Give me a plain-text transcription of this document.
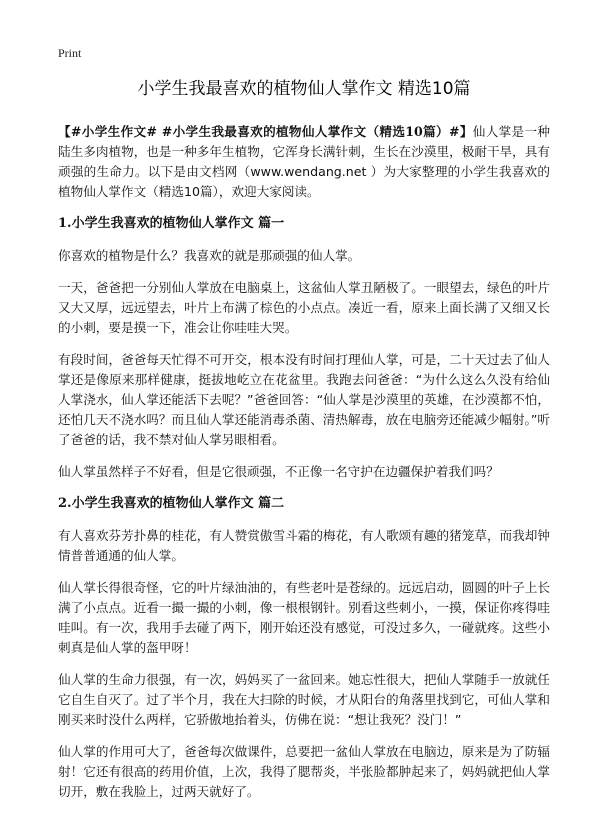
Print
小学生我最喜欢的植物仙人掌作文 精选10篇

【#小学生作文# #小学生我最喜欢的植物仙人掌作文（精选10篇）#】仙人掌是一种陆生多肉植物，也是一种多年生植物，它浑身长满针刺，生长在沙漠里，极耐干旱，具有顽强的生命力。以下是由文档网（www.wendang.net ）为大家整理的小学生我喜欢的植物仙人掌作文（精选10篇），欢迎大家阅读。

1.小学生我喜欢的植物仙人掌作文 篇一

你喜欢的植物是什么？我喜欢的就是那顽强的仙人掌。

一天，爸爸把一分别仙人掌放在电脑桌上，这盆仙人掌丑陋极了。一眼望去，绿色的叶片又大又厚，远远望去，叶片上布满了棕色的小点点。凑近一看，原来上面长满了又细又长的小刺，要是摸一下，准会让你哇哇大哭。

有段时间，爸爸每天忙得不可开交，根本没有时间打理仙人掌，可是，二十天过去了仙人掌还是像原来那样健康，挺拔地屹立在花盆里。我跑去问爸爸：“为什么这么久没有给仙人掌浇水，仙人掌还能活下去呢？”爸爸回答：“仙人掌是沙漠里的英雄，在沙漠都不怕，还怕几天不浇水吗？而且仙人掌还能消毒杀菌、清热解毒，放在电脑旁还能减少幅射。”听了爸爸的话，我不禁对仙人掌另眼相看。

仙人掌虽然样子不好看，但是它很顽强，不正像一名守护在边疆保护着我们吗？

2.小学生我喜欢的植物仙人掌作文 篇二

有人喜欢芬芳扑鼻的桂花，有人赞赏傲雪斗霜的梅花，有人歌颂有趣的猪笼草，而我却钟情普普通通的仙人掌。

仙人掌长得很奇怪，它的叶片绿油油的，有些老叶是苍绿的。远远启动，圆圆的叶子上长满了小点点。近看一撮一撮的小刺，像一根根钢针。别看这些刺小，一摸，保证你疼得哇哇叫。有一次，我用手去碰了两下，刚开始还没有感觉，可没过多久，一碰就疼。这些小刺真是仙人掌的盔甲呀！

仙人掌的生命力很强，有一次，妈妈买了一盆回来。她忘性很大，把仙人掌随手一放就任它自生自灭了。过了半个月，我在大扫除的时候，才从阳台的角落里找到它，可仙人掌和刚买来时没什么两样，它骄傲地抬着头，仿佛在说：“想让我死？没门！”

仙人掌的作用可大了，爸爸每次做课件，总要把一盆仙人掌放在电脑边，原来是为了防辐射！它还有很高的药用价值，上次，我得了腮帮炎，半张脸都肿起来了，妈妈就把仙人掌切开，敷在我脸上，过两天就好了。
